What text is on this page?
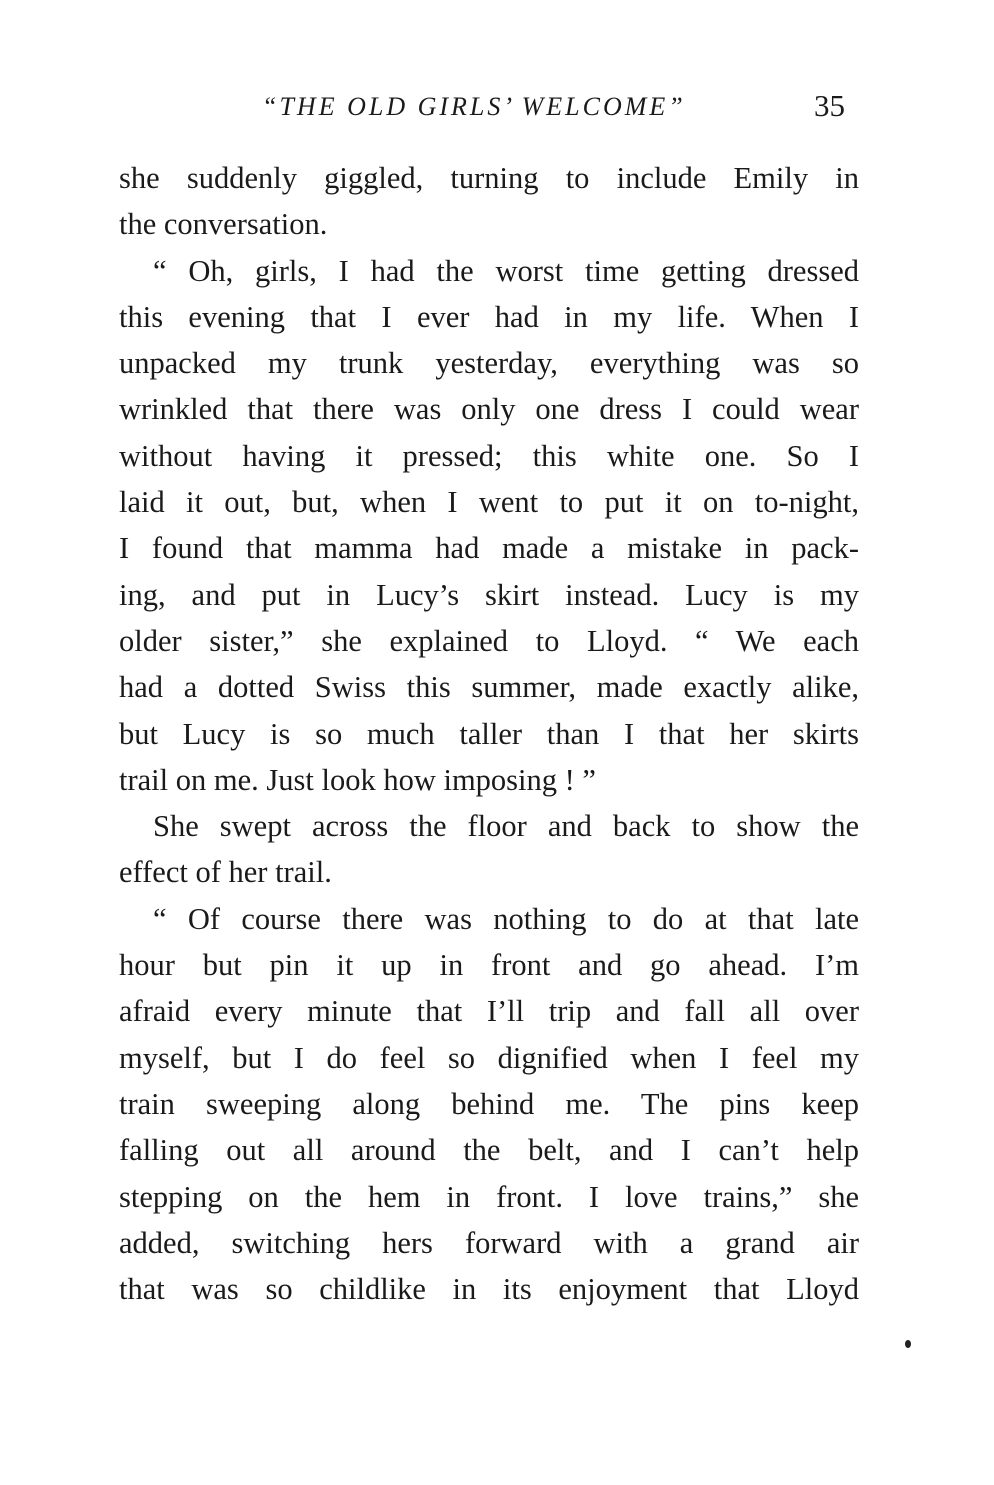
“THE OLD GIRLS’ WELCOME”	35
she suddenly giggled, turning to include Emily in
the conversation.
“ Oh, girls, I had the worst time getting dressed
this evening that I ever had in my life. When I
unpacked my trunk yesterday, everything was so
wrinkled that there was only one dress I could wear
without having it pressed; this white one. So I
laid it out, but, when I went to put it on to-night,
I found that mamma had made a mistake in pack-
ing, and put in Lucy’s skirt instead. Lucy is my
older sister,” she explained to Lloyd. “ We each
had a dotted Swiss this summer, made exactly alike,
but Lucy is so much taller than I that her skirts
trail on me. Just look how imposing ! ”
She swept across the floor and back to show the
effect of her trail.
“ Of course there was nothing to do at that late
hour but pin it up in front and go ahead. I’m
afraid every minute that I’ll trip and fall all over
myself, but I do feel so dignified when I feel my
train sweeping along behind me. The pins keep
falling out all around the belt, and I can’t help
stepping on the hem in front. I love trains,” she
added, switching hers forward with a grand air
that was so childlike in its enjoyment that Lloyd
